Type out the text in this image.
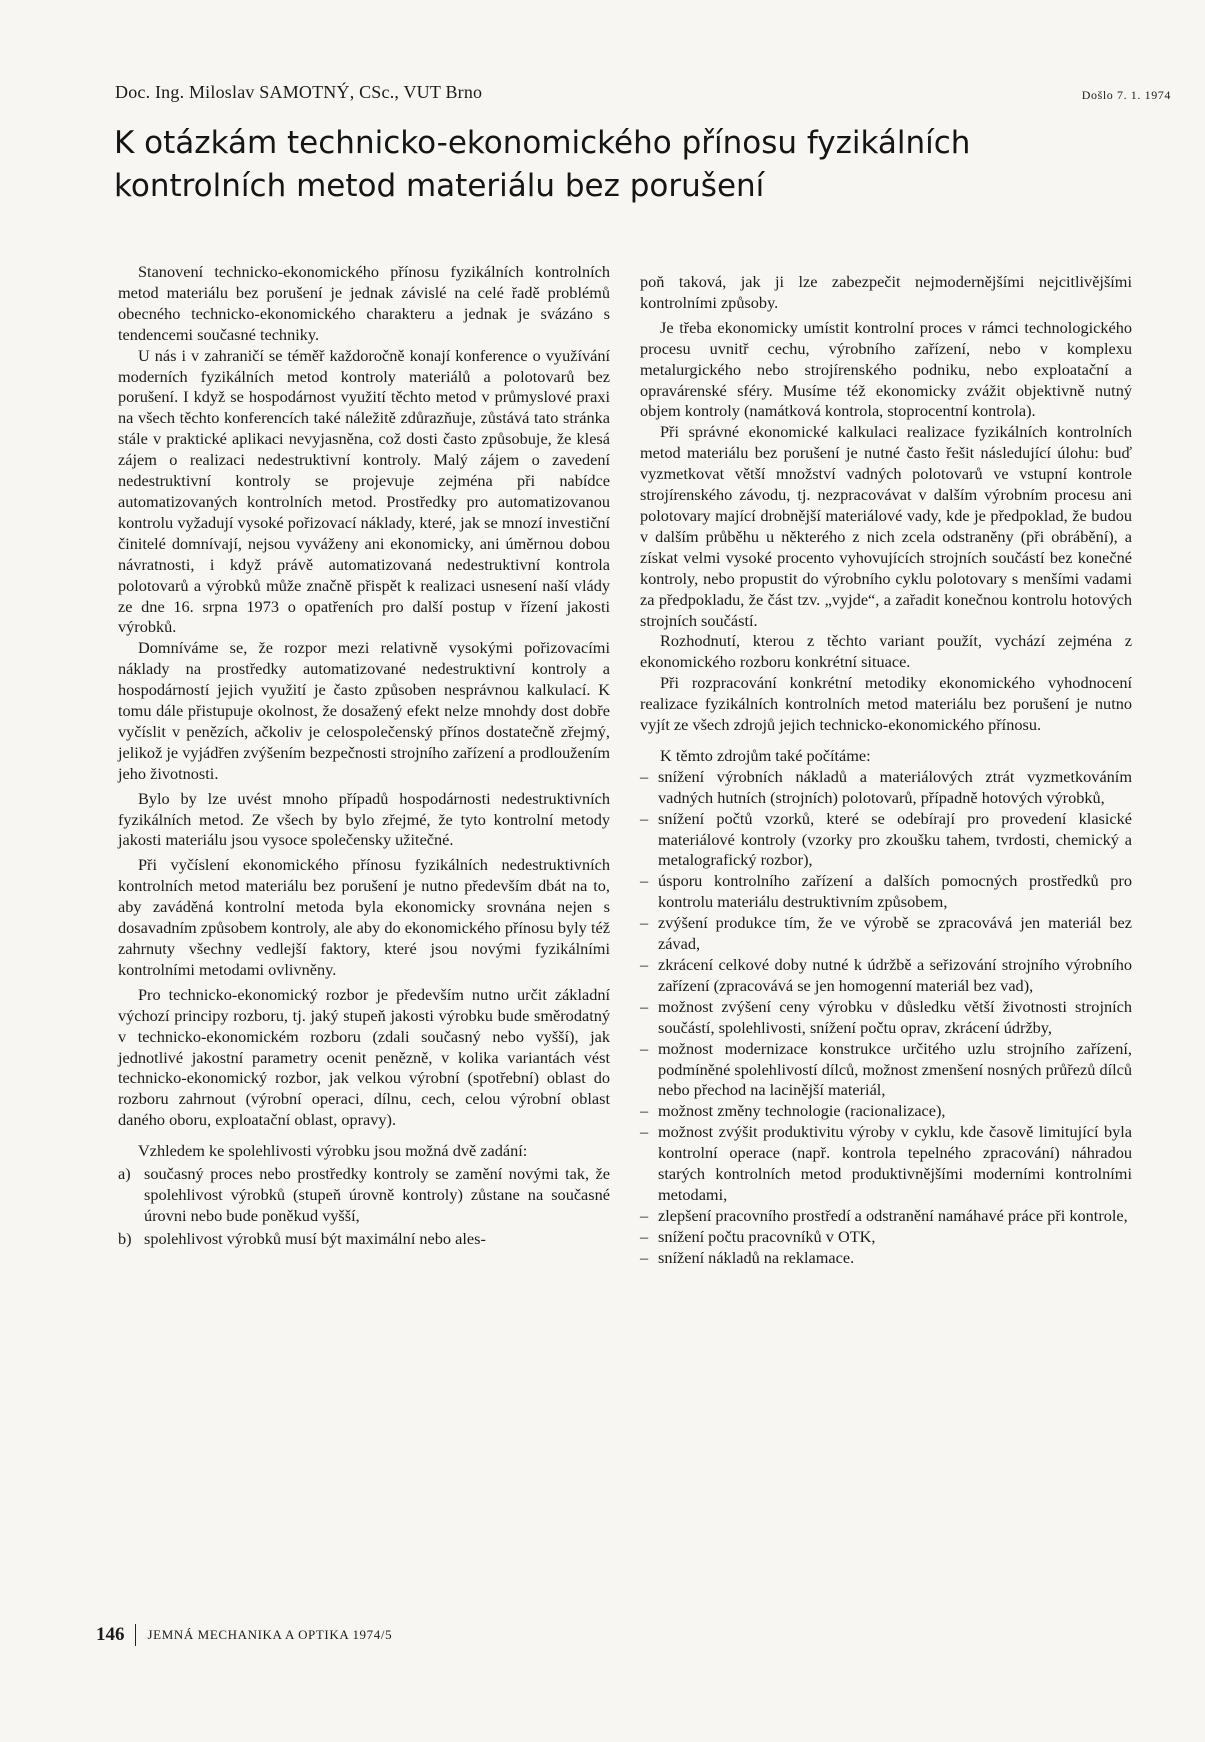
Doc. Ing. Miloslav SAMOTNÝ, CSc., VUT Brno	Došlo 7. 1. 1974
K otázkám technicko-ekonomického přínosu fyzikálních kontrolních metod materiálu bez porušení

Stanovení technicko-ekonomického přínosu fyzikálních kontrolních metod materiálu bez porušení je jednak závislé na celé řadě problémů obecného technicko-ekonomického charakteru a jednak je svázáno s tendencemi současné techniky.

U nás i v zahraničí se téměř každoročně konají konference o využívání moderních fyzikálních metod kontroly materiálů a polotovarů bez porušení. I když se hospodárnost využití těchto metod v průmyslové praxi na všech těchto konferencích také náležitě zdůrazňuje, zůstává tato stránka stále v praktické aplikaci nevyjasněna, což dosti často způsobuje, že klesá zájem o realizaci nedestruktivní kontroly. Malý zájem o zavedení nedestruktivní kontroly se projevuje zejména při nabídce automatizovaných kontrolních metod. Prostředky pro automatizovanou kontrolu vyžadují vysoké pořizovací náklady, které, jak se mnozí investiční činitelé domnívají, nejsou vyváženy ani ekonomicky, ani úměrnou dobou návratnosti, i když právě automatizovaná nedestruktivní kontrola polotovarů a výrobků může značně přispět k realizaci usnesení naší vlády ze dne 16. srpna 1973 o opatřeních pro další postup v řízení jakosti výrobků.

Domníváme se, že rozpor mezi relativně vysokými pořizovacími náklady na prostředky automatizované nedestruktivní kontroly a hospodárností jejich využití je často způsoben nesprávnou kalkulací. K tomu dále přistupuje okolnost, že dosažený efekt nelze mnohdy dost dobře vyčíslit v penězích, ačkoliv je celospolečenský přínos dostatečně zřejmý, jelikož je vyjádřen zvýšením bezpečnosti strojního zařízení a prodloužením jeho životnosti.

Bylo by lze uvést mnoho případů hospodárnosti nedestruktivních fyzikálních metod. Ze všech by bylo zřejmé, že tyto kontrolní metody jakosti materiálu jsou vysoce společensky užitečné.

Při vyčíslení ekonomického přínosu fyzikálních nedestruktivních kontrolních metod materiálu bez porušení je nutno především dbát na to, aby zaváděná kontrolní metoda byla ekonomicky srovnána nejen s dosavadním způsobem kontroly, ale aby do ekonomického přínosu byly též zahrnuty všechny vedlejší faktory, které jsou novými fyzikálními kontrolními metodami ovlivněny.

Pro technicko-ekonomický rozbor je především nutno určit základní výchozí principy rozboru, tj. jaký stupeň jakosti výrobku bude směrodatný v technicko-ekonomickém rozboru (zdali současný nebo vyšší), jak jednotlivé jakostní parametry ocenit penězně, v kolika variantách vést technicko-ekonomický rozbor, jak velkou výrobní (spotřební) oblast do rozboru zahrnout (výrobní operaci, dílnu, cech, celou výrobní oblast daného oboru, exploatační oblast, opravy).

Vzhledem ke spolehlivosti výrobku jsou možná dvě zadání:

a) současný proces nebo prostředky kontroly se zamění novými tak, že spolehlivost výrobků (stupeň úrovně kontroly) zůstane na současné úrovni nebo bude poněkud vyšší,
b) spolehlivost výrobků musí být maximální nebo ales-

poň taková, jak ji lze zabezpečit nejmodernějšími nejcitlivějšími kontrolními způsoby.

Je třeba ekonomicky umístit kontrolní proces v rámci technologického procesu uvnitř cechu, výrobního zařízení, nebo v komplexu metalurgického nebo strojírenského podniku, nebo exploatační a opravárenské sféry. Musíme též ekonomicky zvážit objektivně nutný objem kontroly (namátková kontrola, stoprocentní kontrola).

Při správné ekonomické kalkulaci realizace fyzikálních kontrolních metod materiálu bez porušení je nutné často řešit následující úlohu: buď vyzmetkovat větší množství vadných polotovarů ve vstupní kontrole strojírenského závodu, tj. nezpracovávat v dalším výrobním procesu ani polotovary mající drobnější materiálové vady, kde je předpoklad, že budou v dalším průběhu u některého z nich zcela odstraněny (při obrábění), a získat velmi vysoké procento vyhovujících strojních součástí bez konečné kontroly, nebo propustit do výrobního cyklu polotovary s menšími vadami za předpokladu, že část tzv. „vyjde“, a zařadit konečnou kontrolu hotových strojních součástí.

Rozhodnutí, kterou z těchto variant použít, vychází zejména z ekonomického rozboru konkrétní situace.

Při rozpracování konkrétní metodiky ekonomického vyhodnocení realizace fyzikálních kontrolních metod materiálu bez porušení je nutno vyjít ze všech zdrojů jejich technicko-ekonomického přínosu.

K těmto zdrojům také počítáme:

– snížení výrobních nákladů a materiálových ztrát vyzmetkováním vadných hutních (strojních) polotovarů, případně hotových výrobků,
– snížení počtů vzorků, které se odebírají pro provedení klasické materiálové kontroly (vzorky pro zkoušku tahem, tvrdosti, chemický a metalografický rozbor),
– úsporu kontrolního zařízení a dalších pomocných prostředků pro kontrolu materiálu destruktivním způsobem,
– zvýšení produkce tím, že ve výrobě se zpracovává jen materiál bez závad,
– zkrácení celkové doby nutné k údržbě a seřizování strojního výrobního zařízení (zpracovává se jen homogenní materiál bez vad),
– možnost zvýšení ceny výrobku v důsledku větší životnosti strojních součástí, spolehlivosti, snížení počtu oprav, zkrácení údržby,
– možnost modernizace konstrukce určitého uzlu strojního zařízení, podmíněné spolehlivostí dílců, možnost zmenšení nosných průřezů dílců nebo přechod na lacinější materiál,
– možnost změny technologie (racionalizace),
– možnost zvýšit produktivitu výroby v cyklu, kde časově limitující byla kontrolní operace (např. kontrola tepelného zpracování) náhradou starých kontrolních metod produktivnějšími moderními kontrolními metodami,
– zlepšení pracovního prostředí a odstranění namáhavé práce při kontrole,
– snížení počtu pracovníků v OTK,
– snížení nákladů na reklamace.
146 JEMNÁ MECHANIKA A OPTIKA 1974/5
